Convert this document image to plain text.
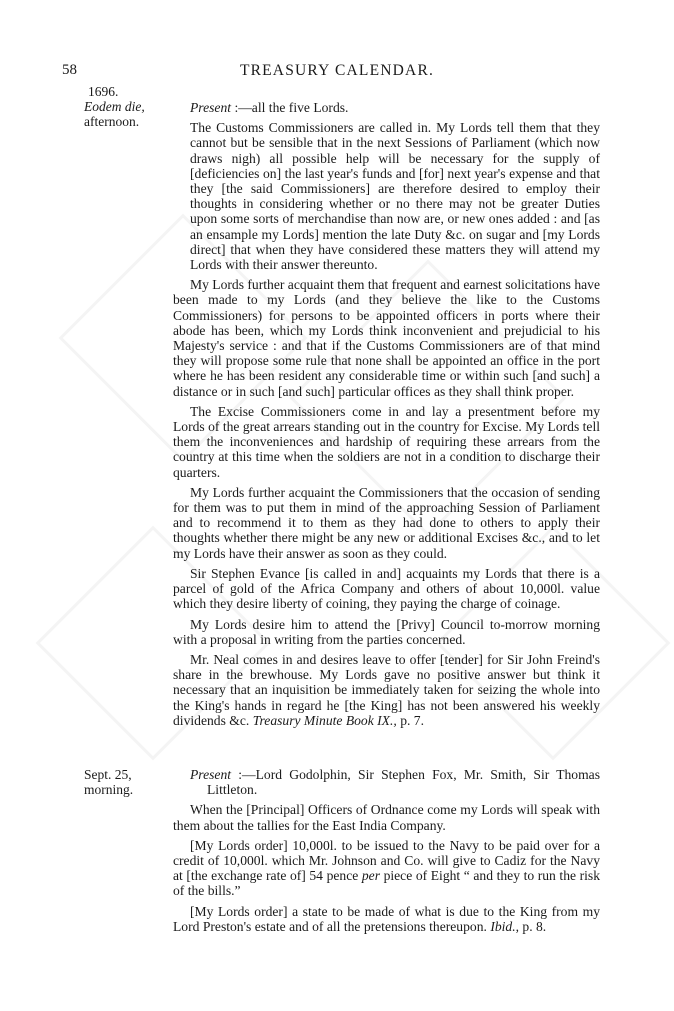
58	TREASURY CALENDAR.
1696.
Eodem die,
afternoon.

Present :—all the five Lords.

The Customs Commissioners are called in. My Lords tell them that they cannot but be sensible that in the next Sessions of Parliament (which now draws nigh) all possible help will be necessary for the supply of [deficiencies on] the last year's funds and [for] next year's expense and that they [the said Commissioners] are therefore desired to employ their thoughts in considering whether or no there may not be greater Duties upon some sorts of merchandise than now are, or new ones added : and [as an ensample my Lords] mention the late Duty &c. on sugar and [my Lords direct] that when they have considered these matters they will attend my Lords with their answer thereunto.

My Lords further acquaint them that frequent and earnest solicitations have been made to my Lords (and they believe the like to the Customs Commissioners) for persons to be appointed officers in ports where their abode has been, which my Lords think inconvenient and prejudicial to his Majesty's service : and that if the Customs Commissioners are of that mind they will propose some rule that none shall be appointed an office in the port where he has been resident any considerable time or within such [and such] a distance or in such [and such] particular offices as they shall think proper.

The Excise Commissioners come in and lay a presentment before my Lords of the great arrears standing out in the country for Excise. My Lords tell them the inconveniences and hardship of requiring these arrears from the country at this time when the soldiers are not in a condition to discharge their quarters.

My Lords further acquaint the Commissioners that the occasion of sending for them was to put them in mind of the approaching Session of Parliament and to recommend it to them as they had done to others to apply their thoughts whether there might be any new or additional Excises &c., and to let my Lords have their answer as soon as they could.

Sir Stephen Evance [is called in and] acquaints my Lords that there is a parcel of gold of the Africa Company and others of about 10,000l. value which they desire liberty of coining, they paying the charge of coinage.

My Lords desire him to attend the [Privy] Council to-morrow morning with a proposal in writing from the parties concerned.

Mr. Neal comes in and desires leave to offer [tender] for Sir John Freind's share in the brewhouse. My Lords gave no positive answer but think it necessary that an inquisition be immediately taken for seizing the whole into the King's hands in regard he [the King] has not been answered his weekly dividends &c. Treasury Minute Book IX., p. 7.

Sept. 25,
morning.

Present :—Lord Godolphin, Sir Stephen Fox, Mr. Smith, Sir Thomas Littleton.

When the [Principal] Officers of Ordnance come my Lords will speak with them about the tallies for the East India Company.

[My Lords order] 10,000l. to be issued to the Navy to be paid over for a credit of 10,000l. which Mr. Johnson and Co. will give to Cadiz for the Navy at [the exchange rate of] 54 pence per piece of Eight “ and they to run the risk of the bills.”

[My Lords order] a state to be made of what is due to the King from my Lord Preston's estate and of all the pretensions thereupon. Ibid., p. 8.
